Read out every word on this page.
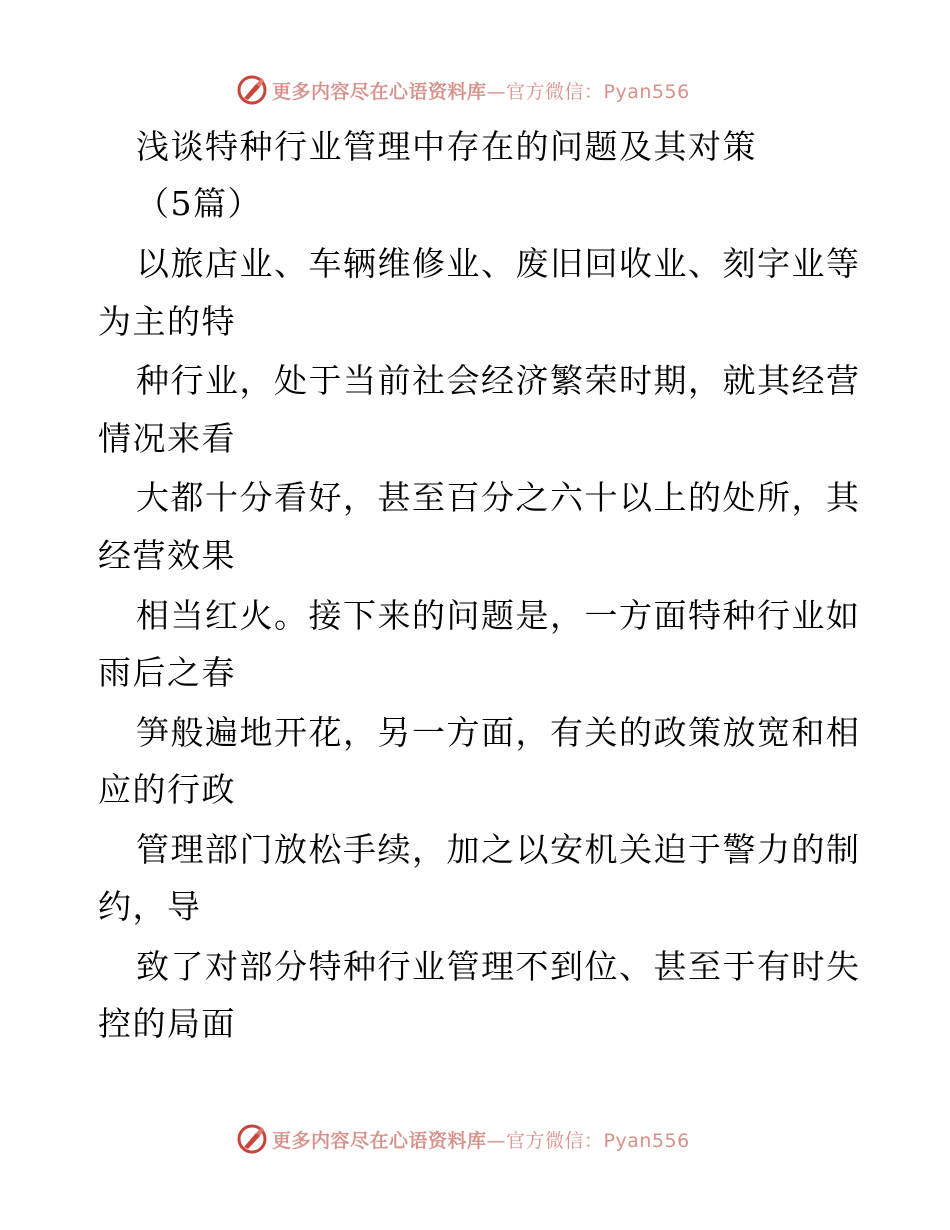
更多内容尽在心语资料库—官方微信：Pyan556
浅谈特种行业管理中存在的问题及其对策
（5篇）
以旅店业、车辆维修业、废旧回收业、刻字业等
为主的特
种行业，处于当前社会经济繁荣时期，就其经营
情况来看
大都十分看好，甚至百分之六十以上的处所，其
经营效果
相当红火。接下来的问题是，一方面特种行业如
雨后之春
笋般遍地开花，另一方面，有关的政策放宽和相
应的行政
管理部门放松手续，加之以安机关迫于警力的制
约，导
致了对部分特种行业管理不到位、甚至于有时失
控的局面
更多内容尽在心语资料库—官方微信：Pyan556
